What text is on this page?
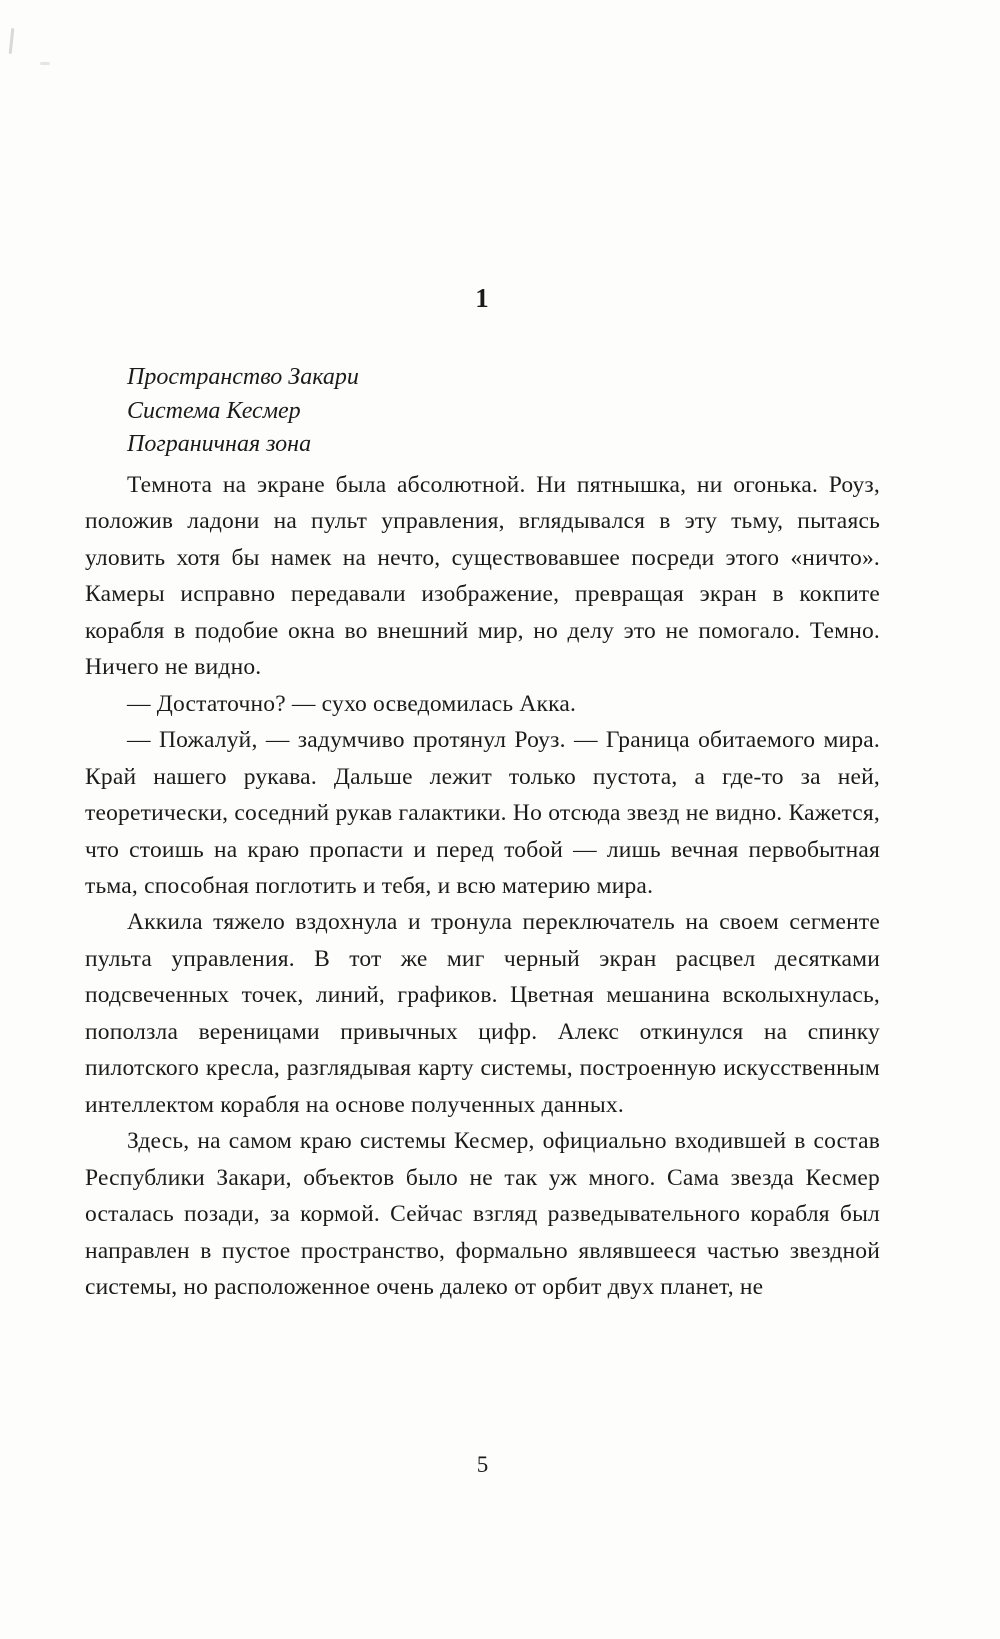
1
Пространство Закари
Система Кесмер
Пограничная зона

Темнота на экране была абсолютной. Ни пятнышка, ни огонька. Роуз, положив ладони на пульт управления, вглядывался в эту тьму, пытаясь уловить хотя бы намек на нечто, существовавшее посреди этого «ничто». Камеры исправно передавали изображение, превращая экран в кокпите корабля в подобие окна во внешний мир, но делу это не помогало. Темно. Ничего не видно.

— Достаточно? — сухо осведомилась Акка.

— Пожалуй, — задумчиво протянул Роуз. — Граница обитаемого мира. Край нашего рукава. Дальше лежит только пустота, а где-то за ней, теоретически, соседний рукав галактики. Но отсюда звезд не видно. Кажется, что стоишь на краю пропасти и перед тобой — лишь вечная первобытная тьма, способная поглотить и тебя, и всю материю мира.

Аккила тяжело вздохнула и тронула переключатель на своем сегменте пульта управления. В тот же миг черный экран расцвел десятками подсвеченных точек, линий, графиков. Цветная мешанина всколыхнулась, поползла вереницами привычных цифр. Алекс откинулся на спинку пилотского кресла, разглядывая карту системы, построенную искусственным интеллектом корабля на основе полученных данных.

Здесь, на самом краю системы Кесмер, официально входившей в состав Республики Закари, объектов было не так уж много. Сама звезда Кесмер осталась позади, за кормой. Сейчас взгляд разведывательного корабля был направлен в пустое пространство, формально являвшееся частью звездной системы, но расположенное очень далеко от орбит двух планет, не

5
